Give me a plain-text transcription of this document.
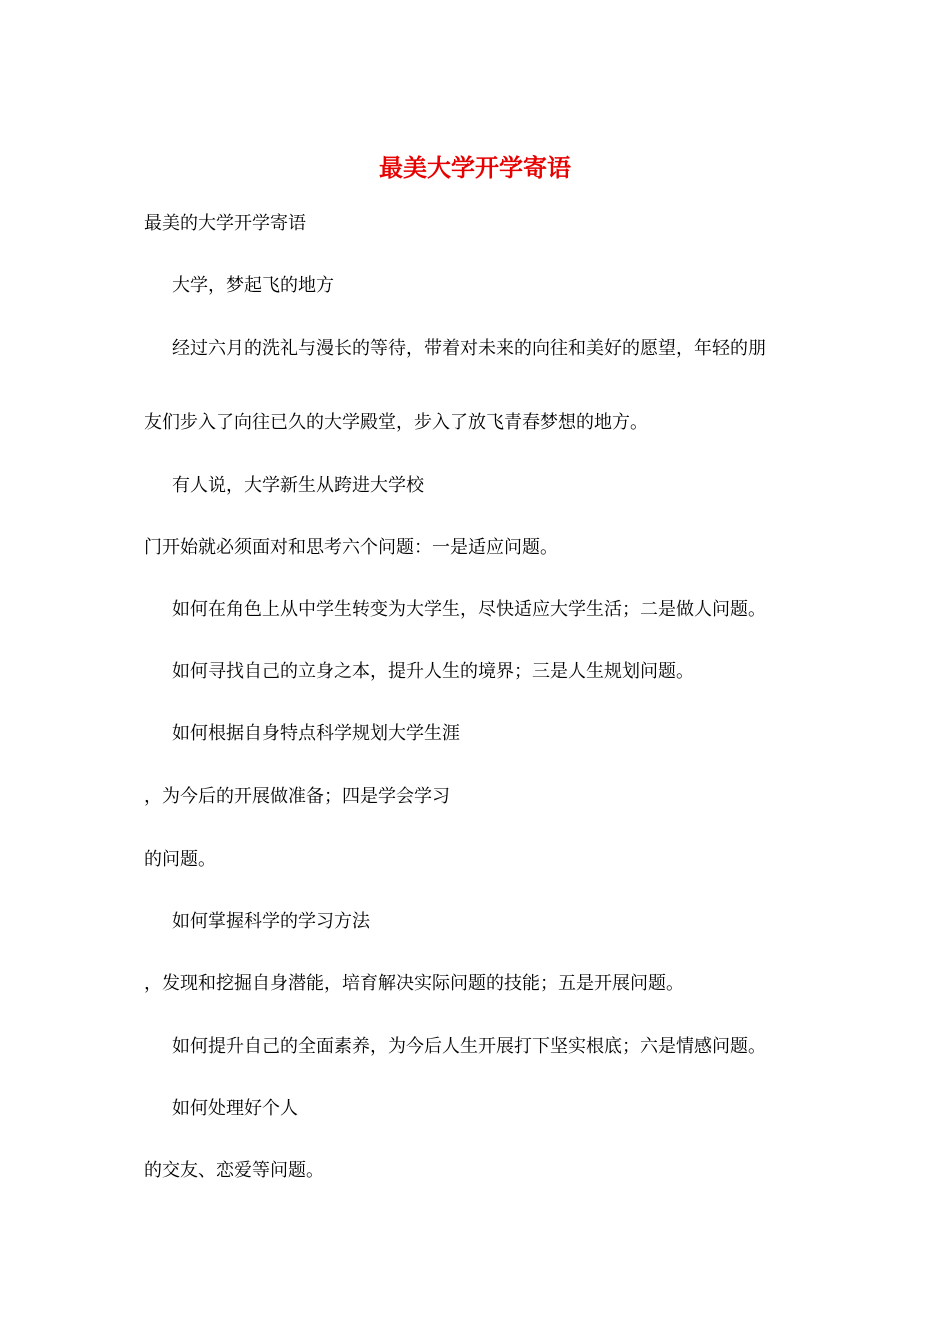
最美大学开学寄语
最美的大学开学寄语
大学，梦起飞的地方
经过六月的洗礼与漫长的等待，带着对未来的向往和美好的愿望，年轻的朋
友们步入了向往已久的大学殿堂，步入了放飞青春梦想的地方。
有人说，大学新生从跨进大学校
门开始就必须面对和思考六个问题：一是适应问题。
如何在角色上从中学生转变为大学生，尽快适应大学生活；二是做人问题。
如何寻找自己的立身之本，提升人生的境界；三是人生规划问题。
如何根据自身特点科学规划大学生涯
，为今后的开展做准备；四是学会学习
的问题。
如何掌握科学的学习方法
，发现和挖掘自身潜能，培育解决实际问题的技能；五是开展问题。
如何提升自己的全面素养，为今后人生开展打下坚实根底；六是情感问题。
如何处理好个人
的交友、恋爱等问题。
